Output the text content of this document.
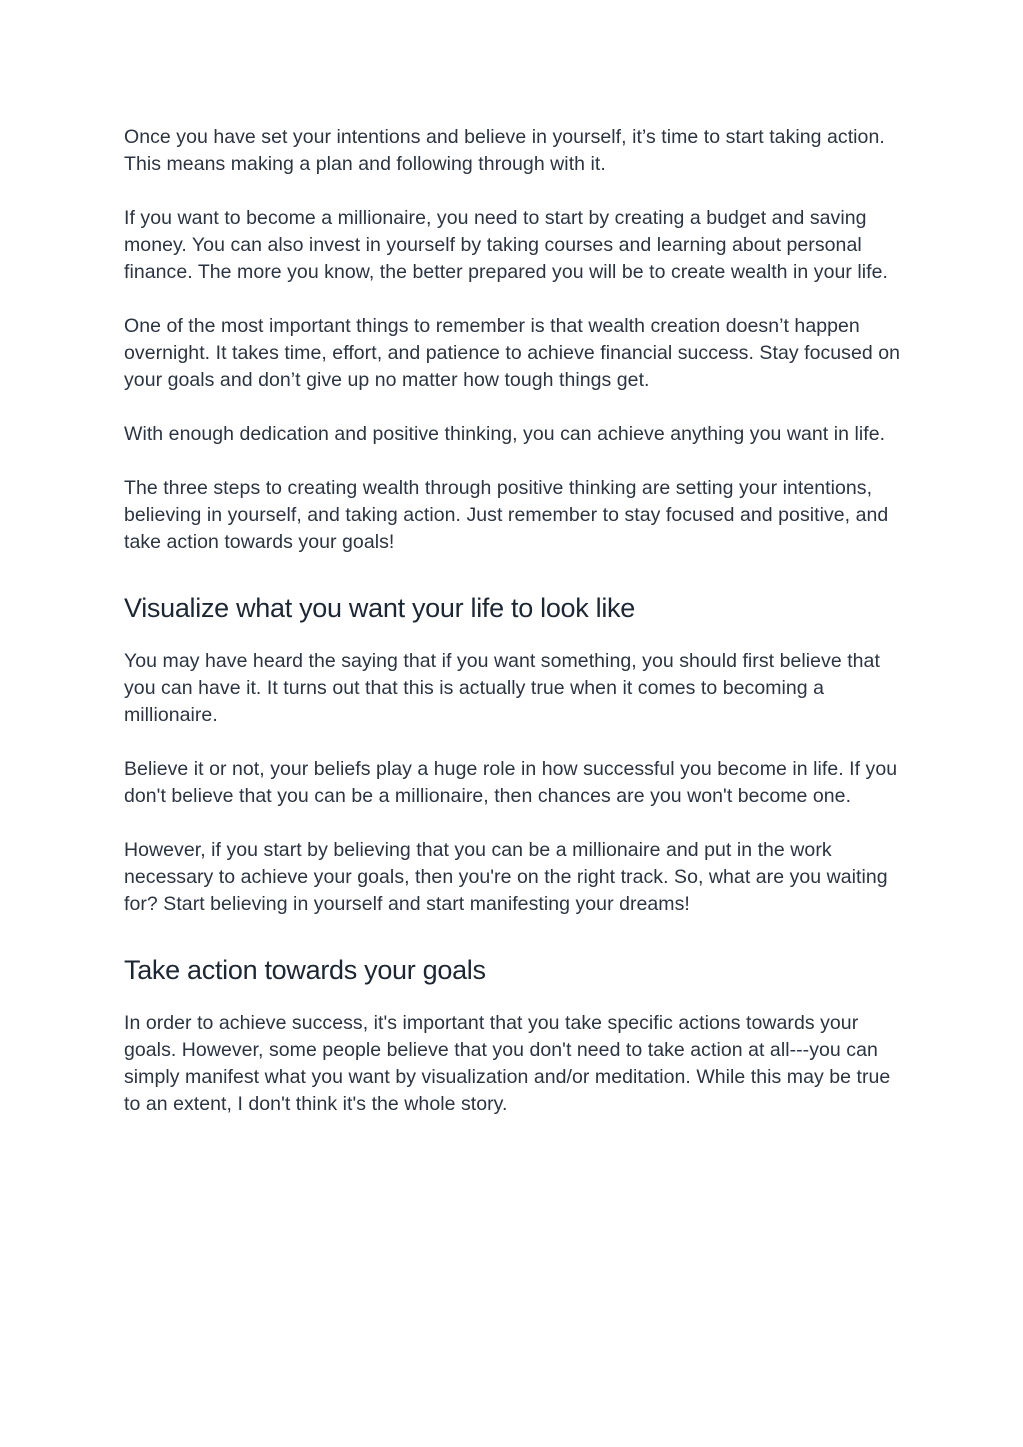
Once you have set your intentions and believe in yourself, it’s time to start taking action. This means making a plan and following through with it.

If you want to become a millionaire, you need to start by creating a budget and saving money. You can also invest in yourself by taking courses and learning about personal finance. The more you know, the better prepared you will be to create wealth in your life.

One of the most important things to remember is that wealth creation doesn’t happen overnight. It takes time, effort, and patience to achieve financial success. Stay focused on your goals and don’t give up no matter how tough things get.

With enough dedication and positive thinking, you can achieve anything you want in life.

The three steps to creating wealth through positive thinking are setting your intentions, believing in yourself, and taking action. Just remember to stay focused and positive, and take action towards your goals!

Visualize what you want your life to look like

You may have heard the saying that if you want something, you should first believe that you can have it. It turns out that this is actually true when it comes to becoming a millionaire.

Believe it or not, your beliefs play a huge role in how successful you become in life. If you don't believe that you can be a millionaire, then chances are you won't become one.

However, if you start by believing that you can be a millionaire and put in the work necessary to achieve your goals, then you're on the right track. So, what are you waiting for? Start believing in yourself and start manifesting your dreams!

Take action towards your goals

In order to achieve success, it's important that you take specific actions towards your goals. However, some people believe that you don't need to take action at all---you can simply manifest what you want by visualization and/or meditation. While this may be true to an extent, I don't think it's the whole story.
